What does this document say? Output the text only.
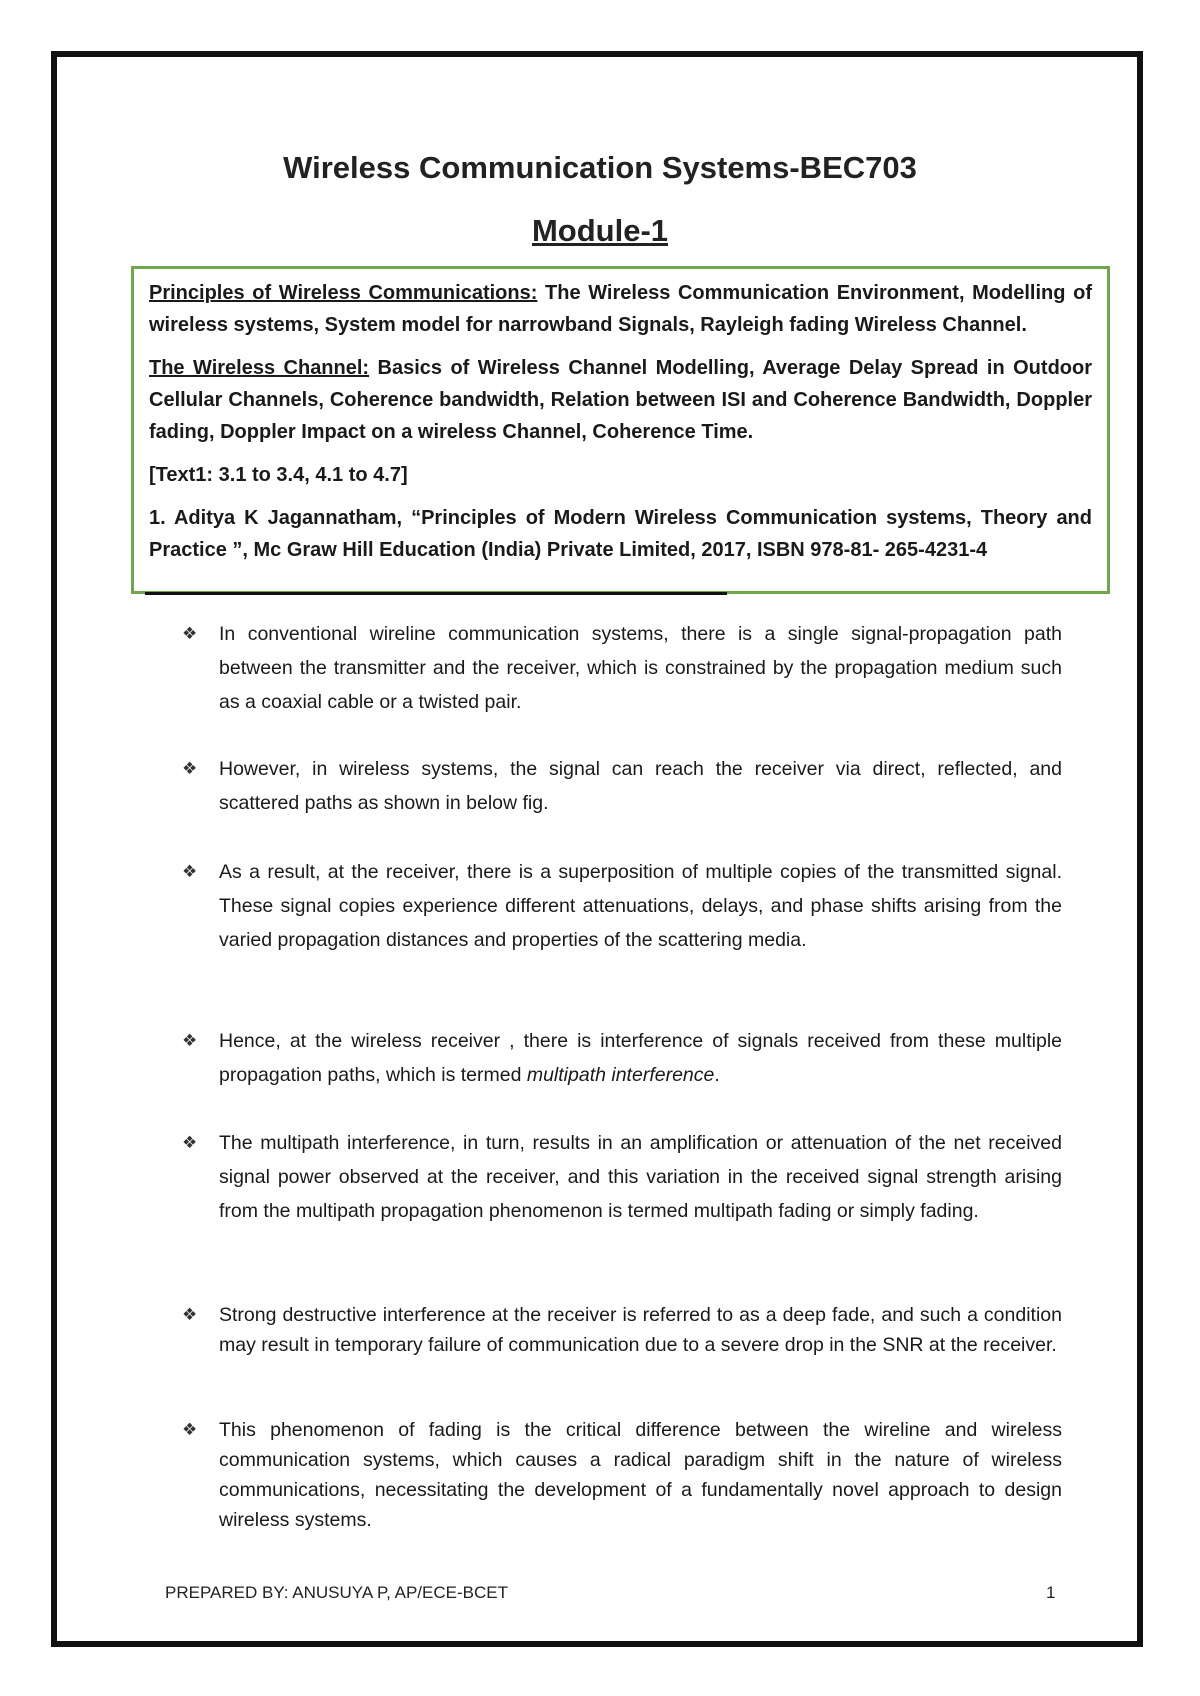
Wireless Communication Systems-BEC703
Module-1

Principles of Wireless Communications: The Wireless Communication Environment, Modelling of wireless systems, System model for narrowband Signals, Rayleigh fading Wireless Channel.

The Wireless Channel: Basics of Wireless Channel Modelling, Average Delay Spread in Outdoor Cellular Channels, Coherence bandwidth, Relation between ISI and Coherence Bandwidth, Doppler fading, Doppler Impact on a wireless Channel, Coherence Time.

[Text1: 3.1 to 3.4, 4.1 to 4.7]

1. Aditya K Jagannatham, “Principles of Modern Wireless Communication systems, Theory and Practice ”, Mc Graw Hill Education (India) Private Limited, 2017, ISBN 978-81- 265-4231-4

❖	In conventional wireline communication systems, there is a single signal-propagation path between the transmitter and the receiver, which is constrained by the propagation medium such as a coaxial cable or a twisted pair.
❖	However, in wireless systems, the signal can reach the receiver via direct, reflected, and scattered paths as shown in below fig.
❖	As a result, at the receiver, there is a superposition of multiple copies of the transmitted signal. These signal copies experience different attenuations, delays, and phase shifts arising from the varied propagation distances and properties of the scattering media.
❖	Hence, at the wireless receiver , there is interference of signals received from these multiple propagation paths, which is termed multipath interference.
❖	The multipath interference, in turn, results in an amplification or attenuation of the net received signal power observed at the receiver, and this variation in the received signal strength arising from the multipath propagation phenomenon is termed multipath fading or simply fading.
❖	Strong destructive interference at the receiver is referred to as a deep fade, and such a condition may result in temporary failure of communication due to a severe drop in the SNR at the receiver.
❖	This phenomenon of fading is the critical difference between the wireline and wireless communication systems, which causes a radical paradigm shift in the nature of wireless communications, necessitating the development of a fundamentally novel approach to design wireless systems.
PREPARED BY: ANUSUYA P, AP/ECE-BCET	1
